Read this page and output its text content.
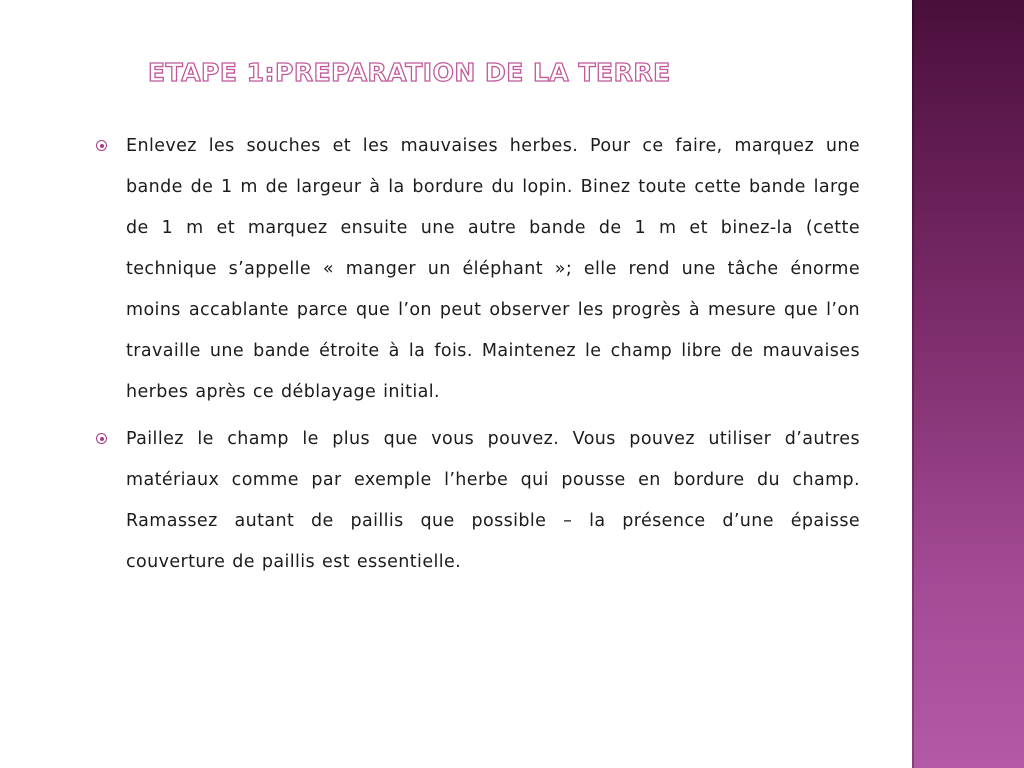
ETAPE 1:PREPARATION DE LA TERRE
Enlevez les souches et les mauvaises herbes. Pour ce faire, marquez une bande de 1 m de largeur à la bordure du lopin. Binez toute cette bande large de 1 m et marquez ensuite une autre bande de 1 m et binez-la (cette technique s’appelle « manger un éléphant »; elle rend une tâche énorme moins accablante parce que l’on peut observer les progrès à mesure que l’on travaille une bande étroite à la fois. Maintenez le champ libre de mauvaises herbes après ce déblayage initial.
Paillez le champ le plus que vous pouvez. Vous pouvez utiliser d’autres matériaux comme par exemple l’herbe qui pousse en bordure du champ. Ramassez autant de paillis que possible – la présence d’une épaisse couverture de paillis est essentielle.
